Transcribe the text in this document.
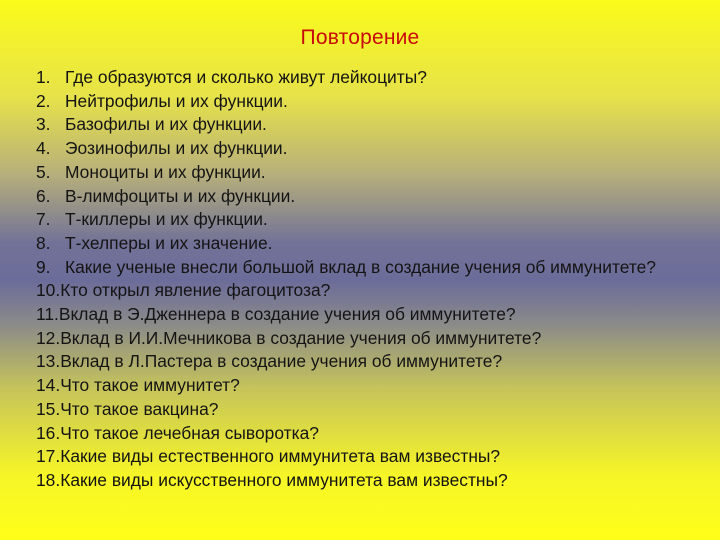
Повторение
1. Где образуются и сколько живут лейкоциты?
2. Нейтрофилы и их функции.
3. Базофилы и их функции.
4. Эозинофилы и их функции.
5. Моноциты и их функции.
6. В-лимфоциты и их функции.
7. Т-киллеры и их функции.
8. Т-хелперы и их значение.
9. Какие ученые внесли большой вклад в создание учения об иммунитете?
10. Кто открыл явление фагоцитоза?
11. Вклад в Э.Дженнера в создание учения об иммунитете?
12. Вклад в И.И.Мечникова в создание учения об иммунитете?
13. Вклад в Л.Пастера в создание учения об иммунитете?
14. Что такое иммунитет?
15. Что такое вакцина?
16. Что такое лечебная сыворотка?
17. Какие виды естественного иммунитета вам известны?
18. Какие виды искусственного иммунитета вам известны?
